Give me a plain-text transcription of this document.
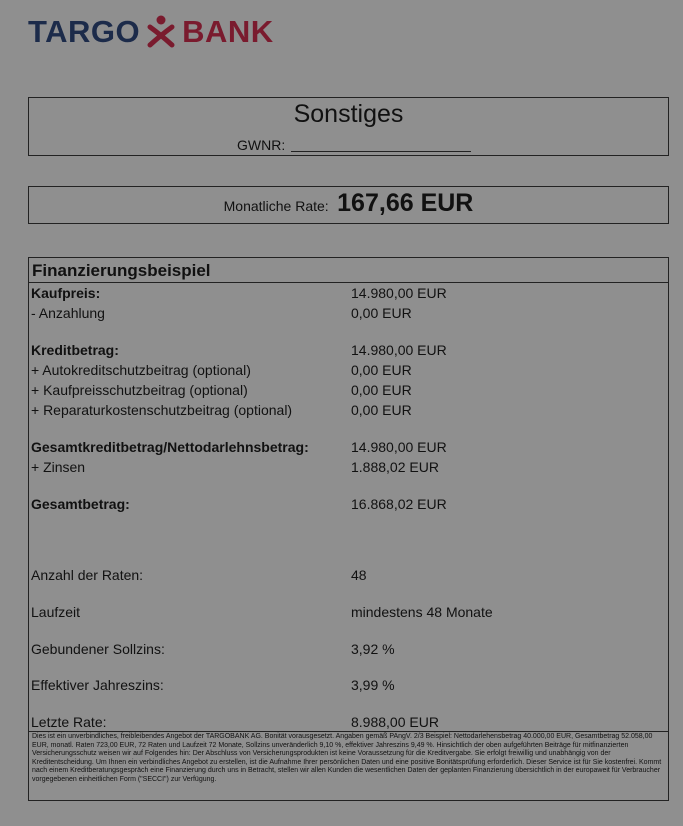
TARGO BANK
Sonstiges
GWNR:
Monatliche Rate: 167,66 EUR
Finanzierungsbeispiel
Kaufpreis:	14.980,00 EUR
- Anzahlung	0,00 EUR
Kreditbetrag:	14.980,00 EUR
+ Autokreditschutzbeitrag (optional)	0,00 EUR
+ Kaufpreisschutzbeitrag (optional)	0,00 EUR
+ Reparaturkostenschutzbeitrag (optional)	0,00 EUR
Gesamtkreditbetrag/Nettodarlehnsbetrag:	14.980,00 EUR
+ Zinsen	1.888,02 EUR
Gesamtbetrag:	16.868,02 EUR
Anzahl der Raten:	48
Laufzeit	mindestens 48 Monate
Gebundener Sollzins:	3,92 %
Effektiver Jahreszins:	3,99 %
Letzte Rate:	8.988,00 EUR
Dies ist ein unverbindliches, freibleibendes Angebot der TARGOBANK AG. Bonität vorausgesetzt. Angaben gemäß PAngV. 2/3 Beispiel: Nettodarlehensbetrag 40.000,00 EUR, Gesamtbetrag 52.058,00 EUR, monatl. Raten 723,00 EUR, 72 Raten und Laufzeit 72 Monate, Sollzins unveränderlich 9,10 %, effektiver Jahreszins 9,49 %. Hinsichtlich der oben aufgeführten Beiträge für mitfinanzierten Versicherungsschutz weisen wir auf Folgendes hin: Der Abschluss von Versicherungsprodukten ist keine Voraussetzung für die Kreditvergabe. Sie erfolgt freiwillig und unabhängig von der Kreditentscheidung. Um Ihnen ein verbindliches Angebot zu erstellen, ist die Aufnahme Ihrer persönlichen Daten und eine positive Bonitätsprüfung erforderlich. Dieser Service ist für Sie kostenfrei. Kommt nach einem Kreditberatungsgespräch eine Finanzierung durch uns in Betracht, stellen wir allen Kunden die wesentlichen Daten der geplanten Finanzierung übersichtlich in der europaweit für Verbraucher vorgegebenen einheitlichen Form ("SECCI") zur Verfügung.
